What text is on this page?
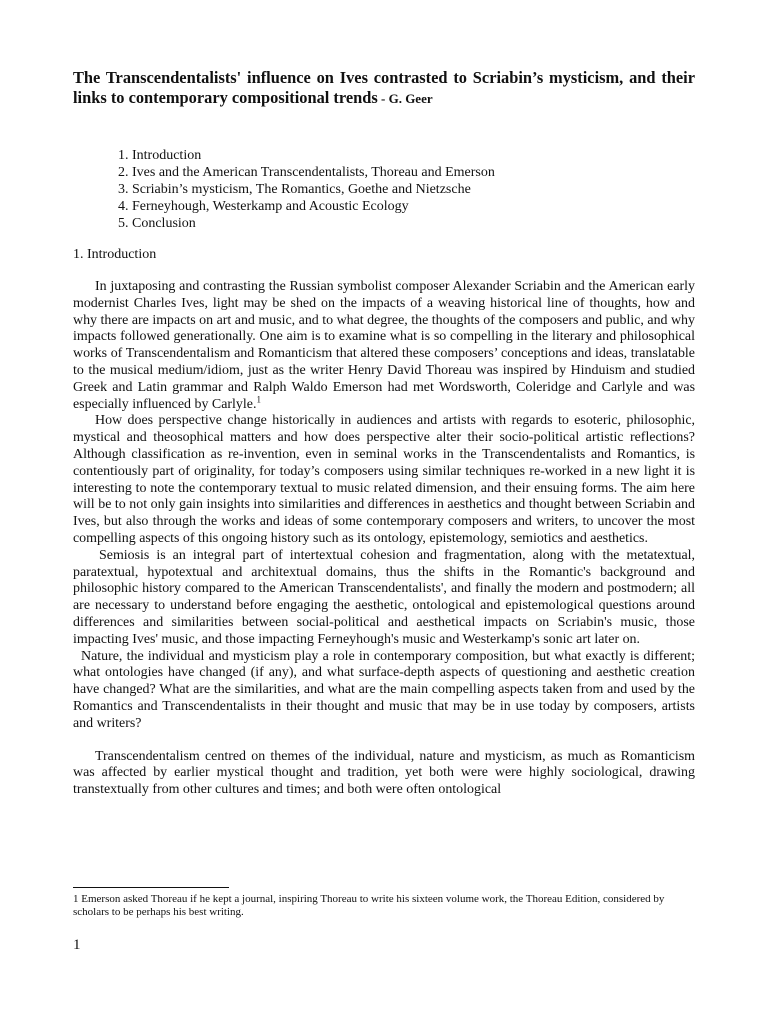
The Transcendentalists' influence on Ives contrasted to Scriabin’s mysticism, and their links to contemporary compositional trends - G. Geer
1. Introduction
2. Ives and the American Transcendentalists, Thoreau and Emerson
3. Scriabin’s mysticism, The Romantics, Goethe and Nietzsche
4. Ferneyhough, Westerkamp and Acoustic Ecology
5. Conclusion
1. Introduction

In juxtaposing and contrasting the Russian symbolist composer Alexander Scriabin and the American early modernist Charles Ives, light may be shed on the impacts of a weaving historical line of thoughts, how and why there are impacts on art and music, and to what degree, the thoughts of the composers and public, and why impacts followed generationally. One aim is to examine what is so compelling in the literary and philosophical works of Transcendentalism and Romanticism that altered these composers’ conceptions and ideas, translatable to the musical medium/idiom, just as the writer Henry David Thoreau was inspired by Hinduism and studied Greek and Latin grammar and Ralph Waldo Emerson had met Wordsworth, Coleridge and Carlyle and was especially influenced by Carlyle.$^1$

How does perspective change historically in audiences and artists with regards to esoteric, philosophic, mystical and theosophical matters and how does perspective alter their socio-political artistic reflections? Although classification as re-invention, even in seminal works in the Transcendentalists and Romantics, is contentiously part of originality, for today’s composers using similar techniques re-worked in a new light it is interesting to note the contemporary textual to music related dimension, and their ensuing forms. The aim here will be to not only gain insights into similarities and differences in aesthetics and thought between Scriabin and Ives, but also through the works and ideas of some contemporary composers and writers, to uncover the most compelling aspects of this ongoing history such as its ontology, epistemology, semiotics and aesthetics.

Semiosis is an integral part of intertextual cohesion and fragmentation, along with the metatextual, paratextual, hypotextual and architextual domains, thus the shifts in the Romantic's background and philosophic history compared to the American Transcendentalists', and finally the modern and postmodern; all are necessary to understand before engaging the aesthetic, ontological and epistemological questions around differences and similarities between social-political and aesthetical impacts on Scriabin's music, those impacting Ives' music, and those impacting Ferneyhough's music and Westerkamp's sonic art later on.

Nature, the individual and mysticism play a role in contemporary composition, but what exactly is different; what ontologies have changed (if any), and what surface-depth aspects of questioning and aesthetic creation have changed? What are the similarities, and what are the main compelling aspects taken from and used by the Romantics and Transcendentalists in their thought and music that may be in use today by composers, artists and writers?

Transcendentalism centred on themes of the individual, nature and mysticism, as much as Romanticism was affected by earlier mystical thought and tradition, yet both were were highly sociological, drawing transtextually from other cultures and times; and both were often ontological

1 Emerson asked Thoreau if he kept a journal, inspiring Thoreau to write his sixteen volume work, the Thoreau Edition, considered by scholars to be perhaps his best writing.
1
